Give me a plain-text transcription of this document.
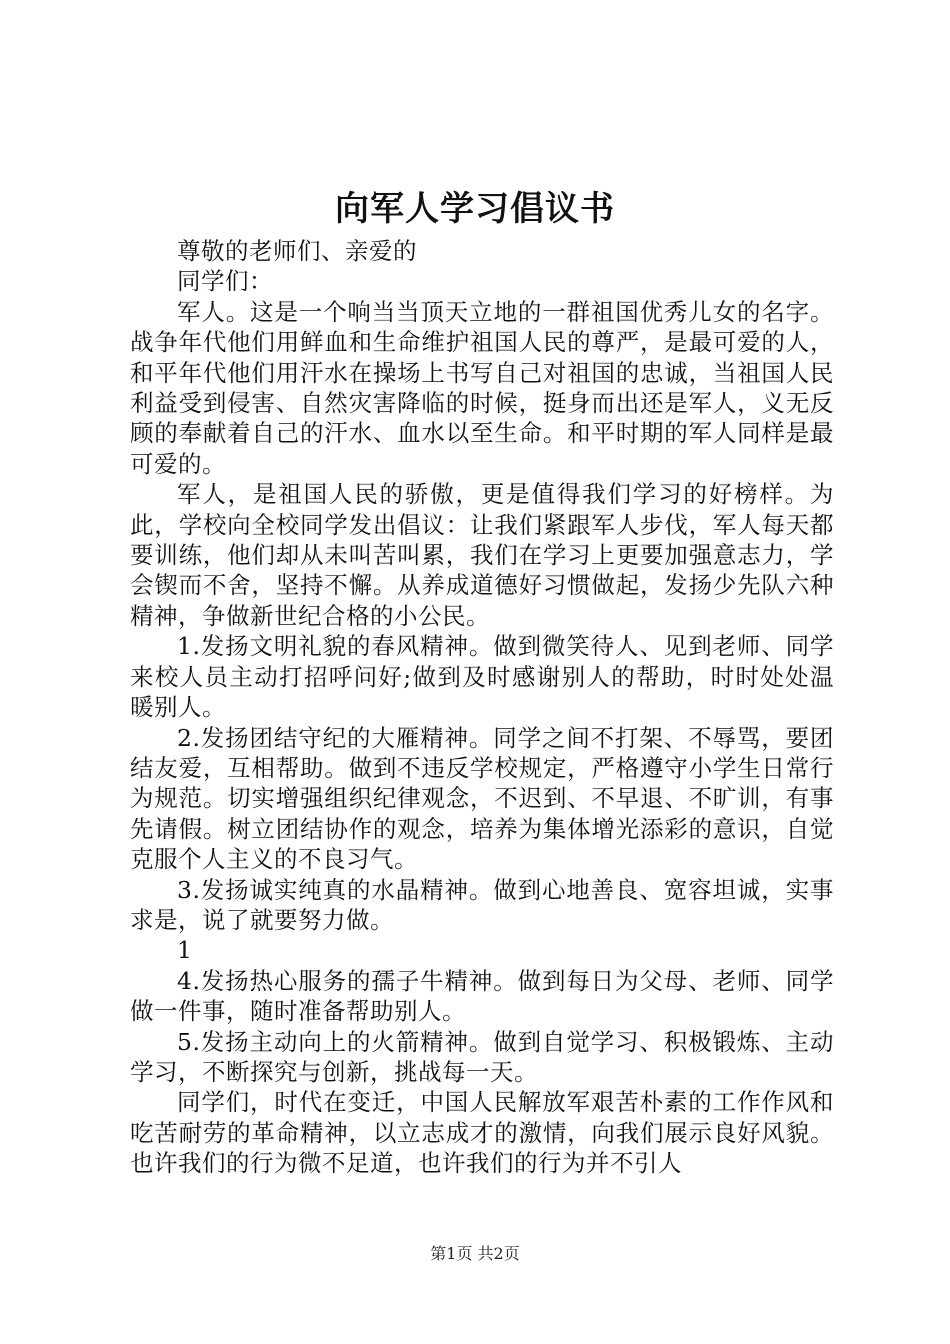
向军人学习倡议书
尊敬的老师们、亲爱的
同学们：

军人。这是一个响当当顶天立地的一群祖国优秀儿女的名字。战争年代他们用鲜血和生命维护祖国人民的尊严，是最可爱的人，和平年代他们用汗水在操场上书写自己对祖国的忠诚，当祖国人民利益受到侵害、自然灾害降临的时候，挺身而出还是军人，义无反顾的奉献着自己的汗水、血水以至生命。和平时期的军人同样是最可爱的。

军人，是祖国人民的骄傲，更是值得我们学习的好榜样。为此，学校向全校同学发出倡议：让我们紧跟军人步伐，军人每天都要训练，他们却从未叫苦叫累，我们在学习上更要加强意志力，学会锲而不舍，坚持不懈。从养成道德好习惯做起，发扬少先队六种精神，争做新世纪合格的小公民。

1.发扬文明礼貌的春风精神。做到微笑待人、见到老师、同学来校人员主动打招呼问好;做到及时感谢别人的帮助，时时处处温暖别人。

2.发扬团结守纪的大雁精神。同学之间不打架、不辱骂，要团结友爱，互相帮助。做到不违反学校规定，严格遵守小学生日常行为规范。切实增强组织纪律观念，不迟到、不早退、不旷训，有事先请假。树立团结协作的观念，培养为集体增光添彩的意识，自觉克服个人主义的不良习气。

3.发扬诚实纯真的水晶精神。做到心地善良、宽容坦诚，实事求是，说了就要努力做。

1

4.发扬热心服务的孺子牛精神。做到每日为父母、老师、同学做一件事，随时准备帮助别人。

5.发扬主动向上的火箭精神。做到自觉学习、积极锻炼、主动学习，不断探究与创新，挑战每一天。

同学们，时代在变迁，中国人民解放军艰苦朴素的工作作风和吃苦耐劳的革命精神，以立志成才的激情，向我们展示良好风貌。也许我们的行为微不足道，也许我们的行为并不引人

第1页 共2页
